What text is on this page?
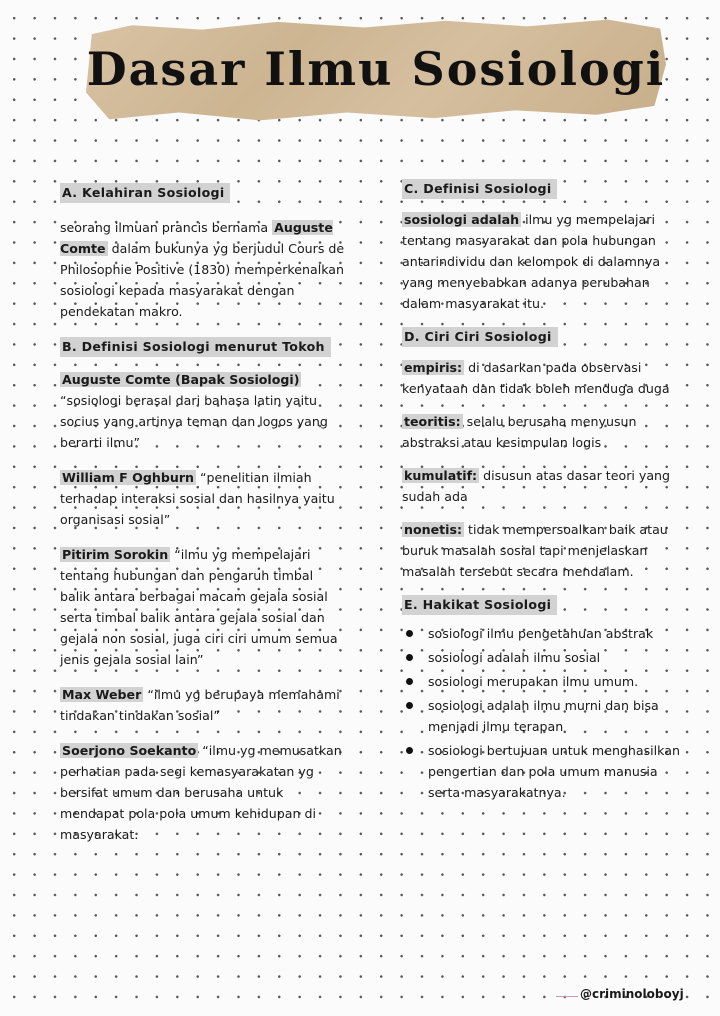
Dasar Ilmu Sosiologi
A. Kelahiran Sosiologi

seorang ilmuan prancis bernama Auguste Comte dalam bukunya yg berjudul Cours de Philosophie Positive (1830) memperkenalkan sosiologi kepada masyarakat dengan pendekatan makro.

B. Definisi Sosiologi menurut Tokoh
Auguste Comte (Bapak Sosiologi)

“sosiologi berasal dari bahasa latin yaitu socius yang artinya teman dan logos yang berarti ilmu”

William F Oghburn “penelitian ilmiah terhadap interaksi sosial dan hasilnya yaitu organisasi sosial”
Pitirim Sorokin “ilmu yg mempelajari tentang hubungan dan pengaruh timbal balik antara berbagai macam gejala sosial serta timbal balik antara gejala sosial dan gejala non sosial, juga ciri ciri umum semua jenis gejala sosial lain”
Max Weber “ilmu yg berupaya memahami tindakan tindakan sosial”
Soerjono Soekanto “ilmu yg memusatkan perhatian pada segi kemasyarakatan yg bersifat umum dan berusaha untuk mendapat pola pola umum kehidupan di masyarakat.
C. Definisi Sosiologi

sosiologi adalah ilmu yg mempelajari tentang masyarakat dan pola hubungan antarindividu dan kelompok di dalamnya yang menyebabkan adanya perubahan dalam masyarakat itu.

D. Ciri Ciri Sosiologi
empiris: di dasarkan pada observasi kenyataan dan tidak boleh menduga duga
teoritis: selalu berusaha menyusun abstraksi atau kesimpulan logis
kumulatif: disusun atas dasar teori yang sudah ada
nonetis: tidak mempersoalkan baik atau buruk masalah sosial tapi menjelaskan masalah tersebut secara mendalam.
E. Hakikat Sosiologi
sosiologi ilmu pengetahuan abstrak
sosiologi adalah ilmu sosial
sosiologi merupakan ilmu umum.
sosiologi adalah ilmu murni dan bisa menjadi ilmu terapan
sosiologi bertujuan untuk menghasilkan pengertian dan pola umum manusia serta masyarakatnya.
@criminoloboyj
